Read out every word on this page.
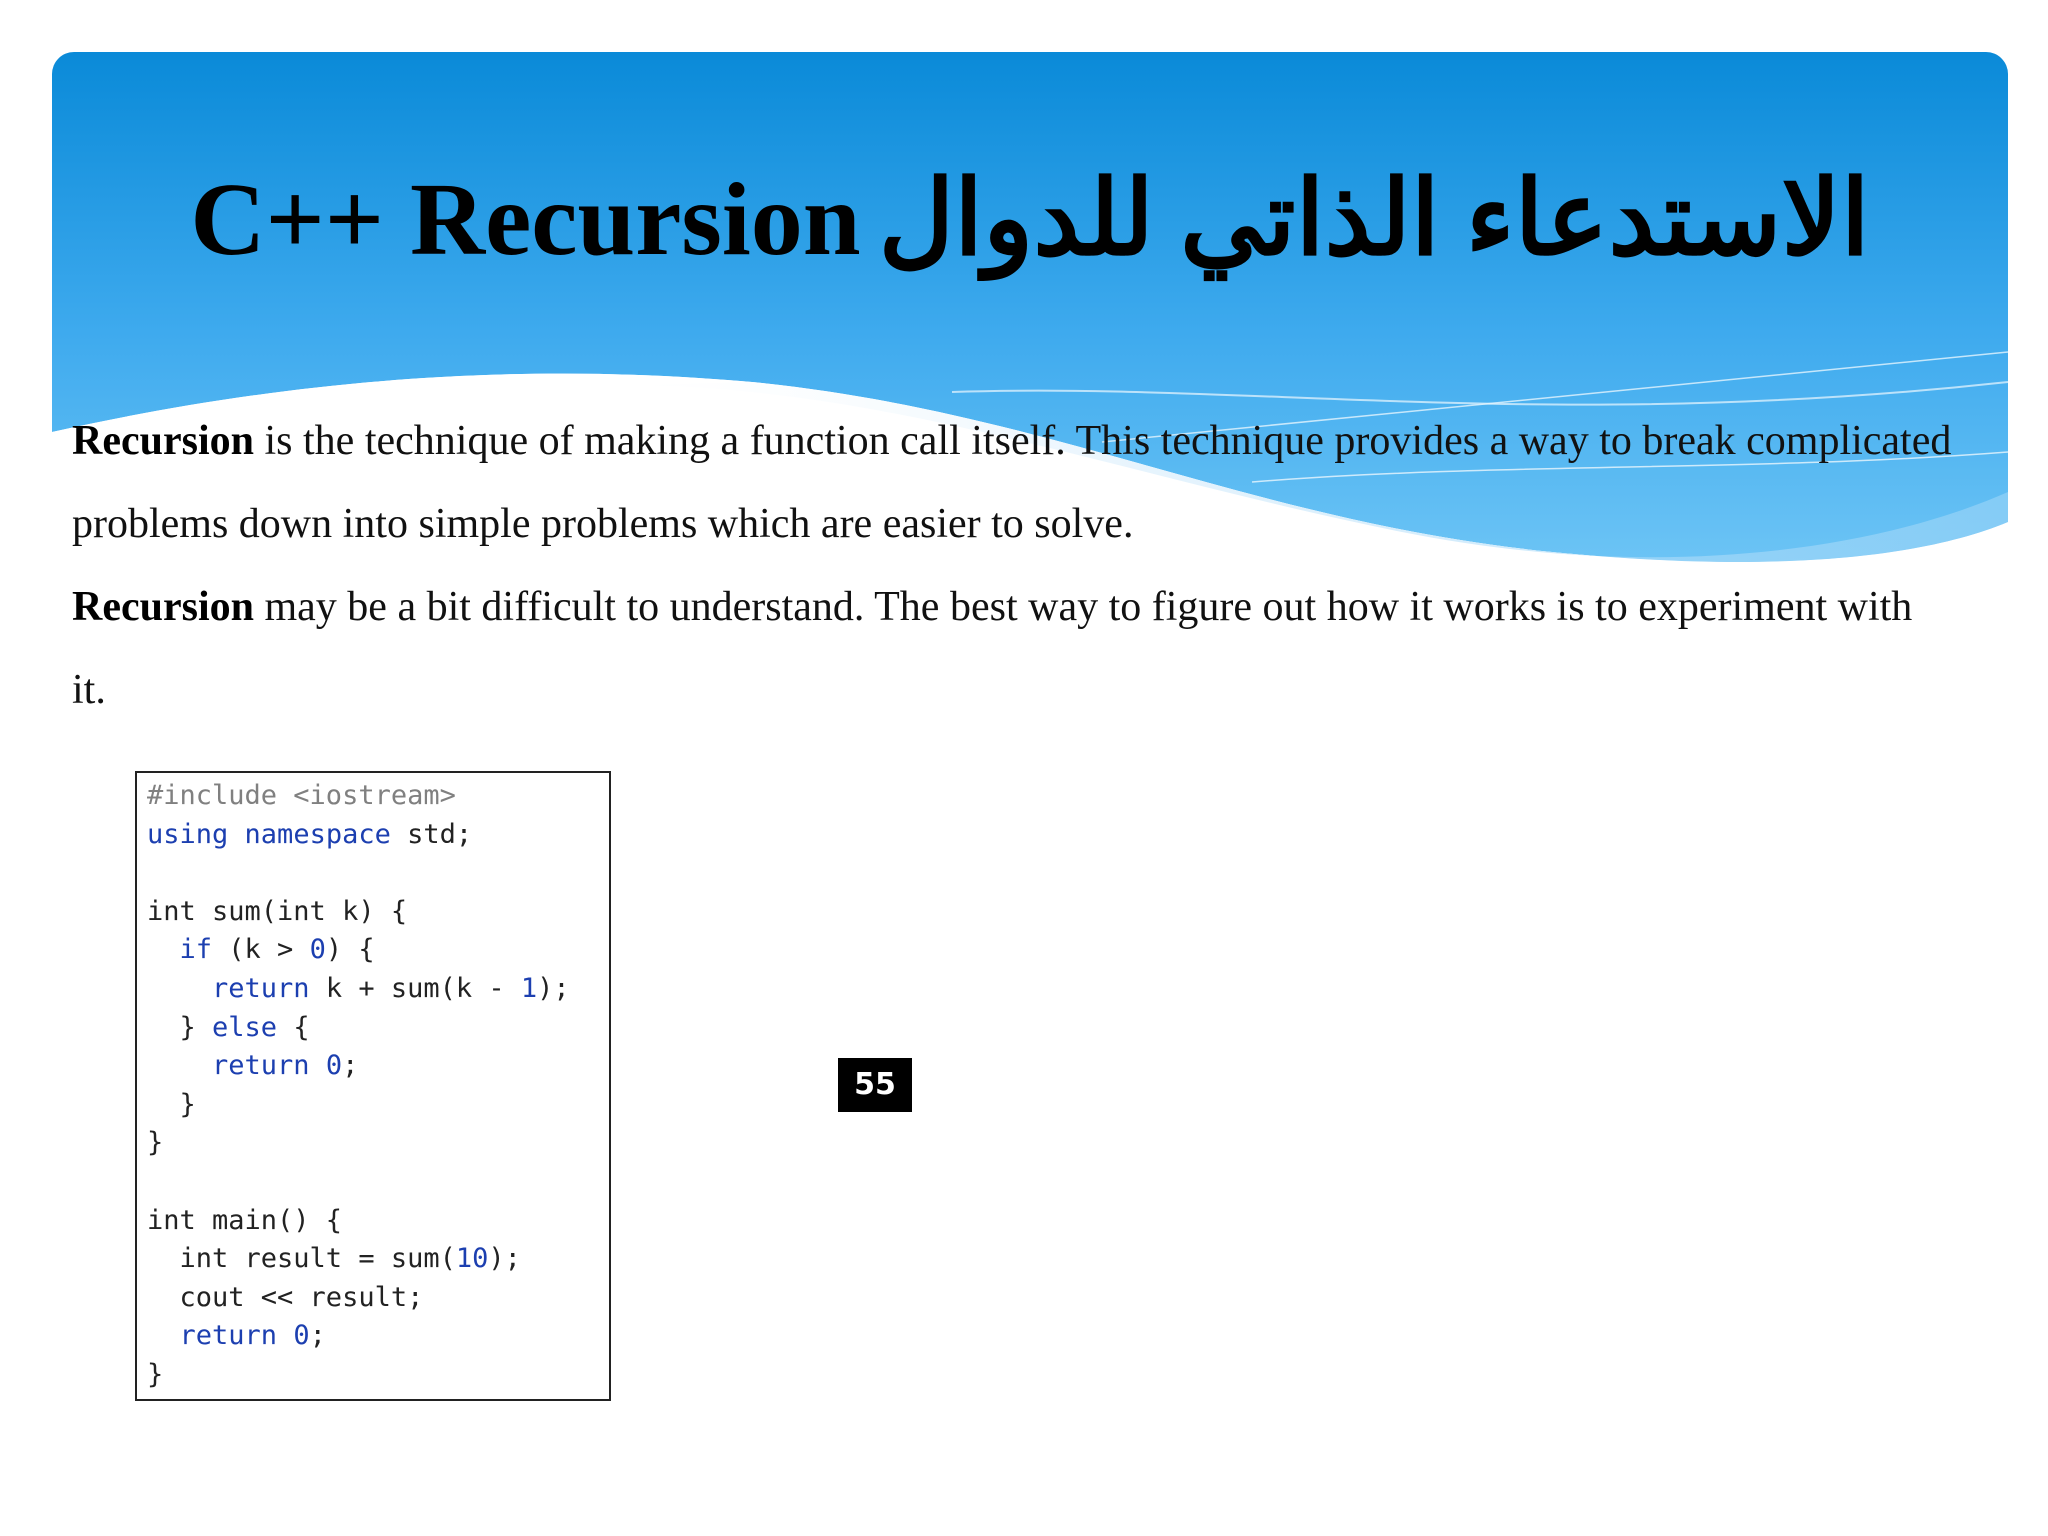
C++ Recursion الاستدعاء الذاتي للدوال

Recursion is the technique of making a function call itself. This technique provides a way to break complicated problems down into simple problems which are easier to solve.

Recursion may be a bit difficult to understand. The best way to figure out how it works is to experiment with it.

#include <iostream>
using namespace std;
int sum(int k) {
if (k > 0) {
return k + sum(k - 1);
} else {
return 0;
}
}
int main() {
int result = sum(10);
cout << result;
return 0;
}
55
